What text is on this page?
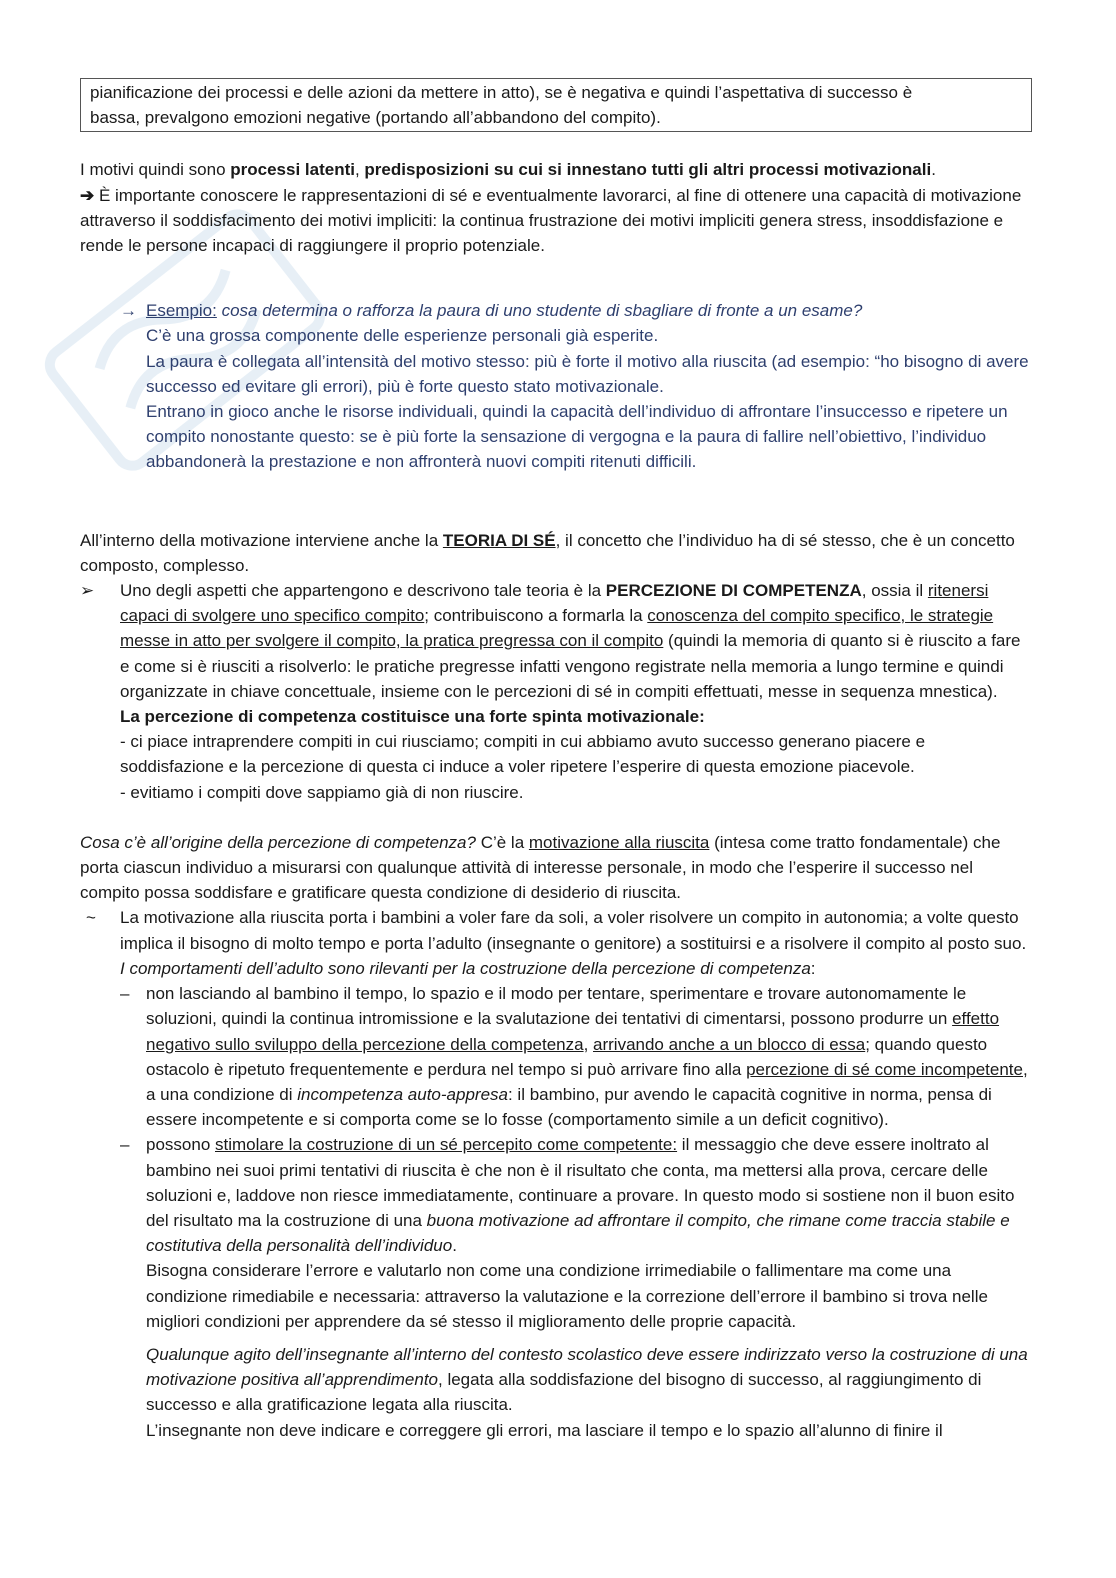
pianificazione dei processi e delle azioni da mettere in atto), se è negativa e quindi l’aspettativa di successo è

bassa, prevalgono emozioni negative (portando all’abbandono del compito).

I motivi quindi sono processi latenti, predisposizioni su cui si innestano tutti gli altri processi motivazionali.

➔ È importante conoscere le rappresentazioni di sé e eventualmente lavorarci, al fine di ottenere una capacità di motivazione attraverso il soddisfacimento dei motivi impliciti: la continua frustrazione dei motivi impliciti genera stress, insoddisfazione e rende le persone incapaci di raggiungere il proprio potenziale.

→ Esempio: cosa determina o rafforza la paura di uno studente di sbagliare di fronte a un esame?

C’è una grossa componente delle esperienze personali già esperite.

La paura è collegata all’intensità del motivo stesso: più è forte il motivo alla riuscita (ad esempio: “ho bisogno di avere successo ed evitare gli errori), più è forte questo stato motivazionale.

Entrano in gioco anche le risorse individuali, quindi la capacità dell’individuo di affrontare l’insuccesso e ripetere un compito nonostante questo: se è più forte la sensazione di vergogna e la paura di fallire nell’obiettivo, l’individuo abbandonerà la prestazione e non affronterà nuovi compiti ritenuti difficili.

All’interno della motivazione interviene anche la TEORIA DI SÉ, il concetto che l’individuo ha di sé stesso, che è un concetto composto, complesso.

➢ Uno degli aspetti che appartengono e descrivono tale teoria è la PERCEZIONE DI COMPETENZA, ossia il ritenersi capaci di svolgere uno specifico compito; contribuiscono a formarla la conoscenza del compito specifico, le strategie messe in atto per svolgere il compito, la pratica pregressa con il compito (quindi la memoria di quanto si è riuscito a fare e come si è riusciti a risolverlo: le pratiche pregresse infatti vengono registrate nella memoria a lungo termine e quindi organizzate in chiave concettuale, insieme con le percezioni di sé in compiti effettuati, messe in sequenza mnestica).

La percezione di competenza costituisce una forte spinta motivazionale:

- ci piace intraprendere compiti in cui riusciamo; compiti in cui abbiamo avuto successo generano piacere e soddisfazione e la percezione di questa ci induce a voler ripetere l’esperire di questa emozione piacevole.

- evitiamo i compiti dove sappiamo già di non riuscire.

Cosa c’è all’origine della percezione di competenza? C’è la motivazione alla riuscita (intesa come tratto fondamentale) che porta ciascun individuo a misurarsi con qualunque attività di interesse personale, in modo che l’esperire il successo nel compito possa soddisfare e gratificare questa condizione di desiderio di riuscita.

~ La motivazione alla riuscita porta i bambini a voler fare da soli, a voler risolvere un compito in autonomia; a volte questo implica il bisogno di molto tempo e porta l’adulto (insegnante o genitore) a sostituirsi e a risolvere il compito al posto suo. I comportamenti dell’adulto sono rilevanti per la costruzione della percezione di competenza:

– non lasciando al bambino il tempo, lo spazio e il modo per tentare, sperimentare e trovare autonomamente le soluzioni, quindi la continua intromissione e la svalutazione dei tentativi di cimentarsi, possono produrre un effetto negativo sullo sviluppo della percezione della competenza, arrivando anche a un blocco di essa; quando questo ostacolo è ripetuto frequentemente e perdura nel tempo si può arrivare fino alla percezione di sé come incompetente, a una condizione di incompetenza auto-appresa: il bambino, pur avendo le capacità cognitive in norma, pensa di essere incompetente e si comporta come se lo fosse (comportamento simile a un deficit cognitivo).

– possono stimolare la costruzione di un sé percepito come competente: il messaggio che deve essere inoltrato al bambino nei suoi primi tentativi di riuscita è che non è il risultato che conta, ma mettersi alla prova, cercare delle soluzioni e, laddove non riesce immediatamente, continuare a provare. In questo modo si sostiene non il buon esito del risultato ma la costruzione di una buona motivazione ad affrontare il compito, che rimane come traccia stabile e costitutiva della personalità dell’individuo.

Bisogna considerare l’errore e valutarlo non come una condizione irrimediabile o fallimentare ma come una condizione rimediabile e necessaria: attraverso la valutazione e la correzione dell’errore il bambino si trova nelle migliori condizioni per apprendere da sé stesso il miglioramento delle proprie capacità.

Qualunque agito dell’insegnante all’interno del contesto scolastico deve essere indirizzato verso la costruzione di una motivazione positiva all’apprendimento, legata alla soddisfazione del bisogno di successo, al raggiungimento di successo e alla gratificazione legata alla riuscita.

L’insegnante non deve indicare e correggere gli errori, ma lasciare il tempo e lo spazio all’alunno di finire il
